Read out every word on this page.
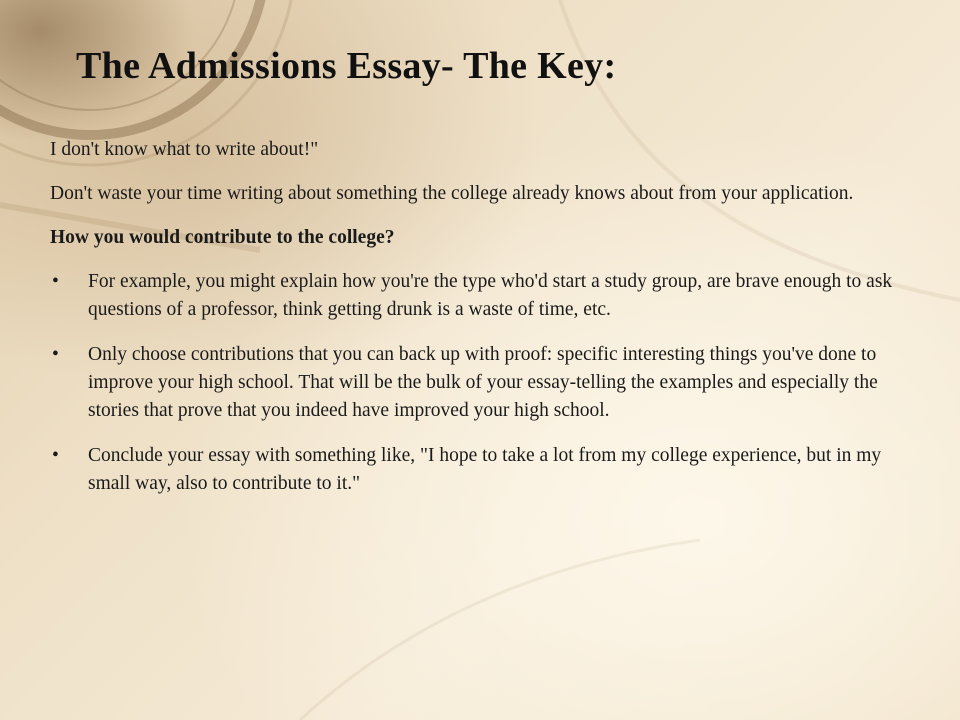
The Admissions Essay- The Key:

I don't know what to write about!"

Don't waste your time writing about something the college already knows about from your application.

How you would contribute to the college?

•	For example, you might explain how you're the type who'd start a study group, are brave enough to ask questions of a professor, think getting drunk is a waste of time, etc.
•	Only choose contributions that you can back up with proof: specific interesting things you've done to improve your high school. That will be the bulk of your essay-telling the examples and especially the stories that prove that you indeed have improved your high school.
•	Conclude your essay with something like, "I hope to take a lot from my college experience, but in my small way, also to contribute to it."
